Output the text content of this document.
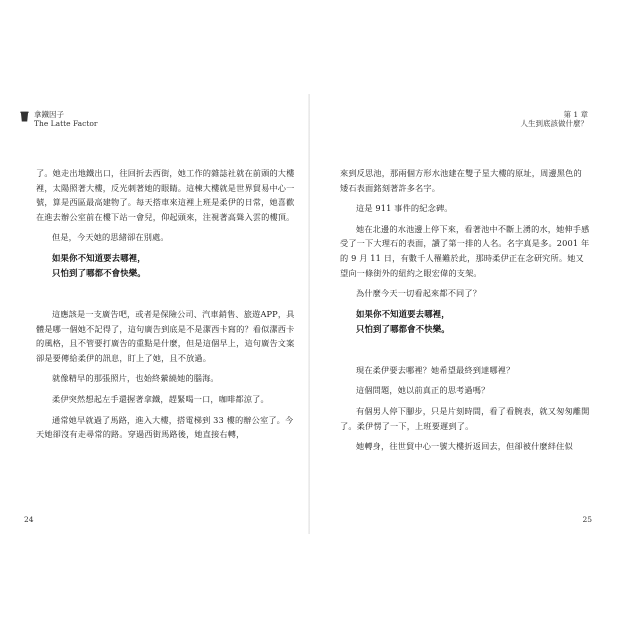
拿鐵因子
The Latte Factor

了。她走出地鐵出口，往回折去西街，她工作的雜誌社就在前頭的大樓裡，太陽照著大樓，反光刺著她的眼睛。這棟大樓就是世界貿易中心一號，算是西區最高建物了。每天搭車來這裡上班是柔伊的日常，她喜歡在進去辦公室前在樓下站一會兒，仰起頭來，注視著高聳入雲的樓頂。

但是，今天她的思緒卻在別處。

如果你不知道要去哪裡，
只怕到了哪都不會快樂。

這應該是一支廣告吧，或者是保險公司、汽車銷售、旅遊APP，具體是哪一個她不記得了，這句廣告到底是不是潔西卡寫的？看似潔西卡的風格，且不管要打廣告的重點是什麼，但是這個早上，這句廣告文案卻是要傳給柔伊的訊息，盯上了她，且不放過。

就像精早的那張照片，也始終縈繞她的腦海。

柔伊突然想起左手還握著拿鐵，趕緊喝一口，咖啡都涼了。

通常她早就過了馬路，進入大樓，搭電梯到 33 樓的辦公室了。今天她卻沒有走尋常的路。穿過西街馬路後，她直接右轉，

24
第 1 章
人生到底該做什麼？

來到反思池，那兩個方形水池建在雙子星大樓的原址，周邊黑色的矮石表面銘刻著許多名字。

這是 911 事件的紀念碑。

她在北邊的水池邊上停下來，看著池中不斷上湧的水，她伸手感受了一下大理石的表面，讀了第一排的人名。名字真是多。2001 年的 9 月 11 日，有數千人罹難於此，那時柔伊正在念研究所。她又望向一條街外的紐約之眼宏偉的支架。

為什麼今天一切看起來都不同了？

如果你不知道要去哪裡，
只怕到了哪都會不快樂。

現在柔伊要去哪裡？她希望最終到達哪裡？

這個問題，她以前真正的思考過嗎？

有個男人停下腳步，只是片刻時間，看了看腕表，就又匆匆離開了。柔伊愣了一下，上班要遲到了。

她轉身，往世貿中心一號大樓折返回去，但卻被什麼絆住似

25
